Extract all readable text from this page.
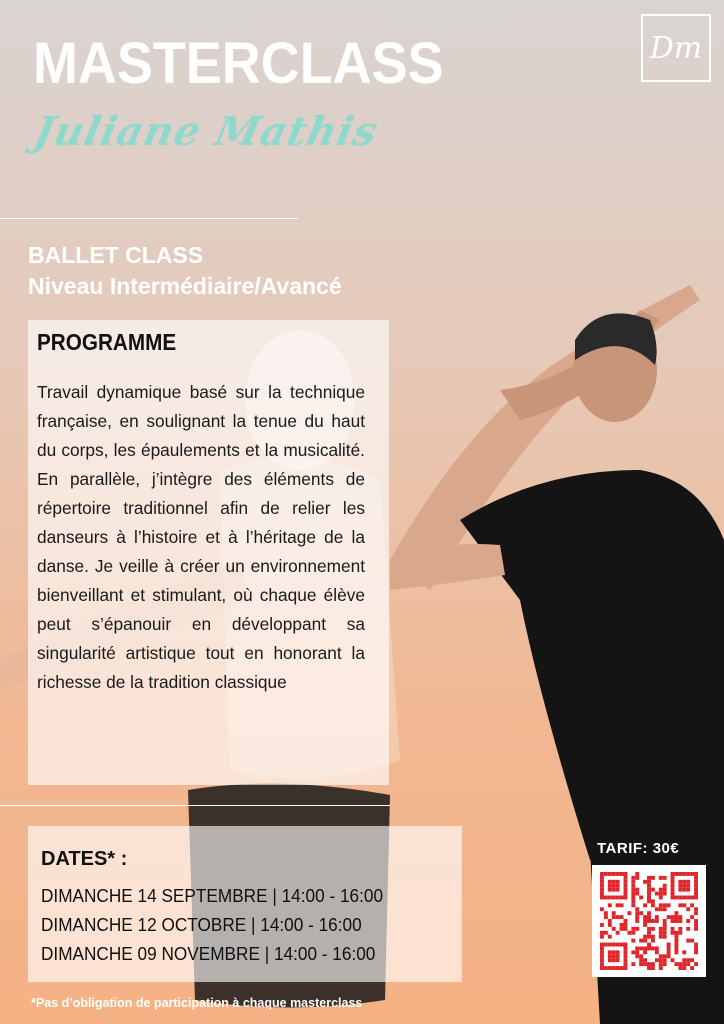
Dm
MASTERCLASS
Juliane Mathis
BALLET CLASS
Niveau Intermédiaire/Avancé
PROGRAMME

Travail dynamique basé sur la technique française, en soulignant la tenue du haut du corps, les épaulements et la musicalité. En parallèle, j’intègre des éléments de répertoire traditionnel afin de relier les danseurs à l’histoire et à l’héritage de la danse. Je veille à créer un environnement bienveillant et stimulant, où chaque élève peut s’épanouir en développant sa singularité artistique tout en honorant la richesse de la tradition classique

DATES* :
DIMANCHE 14 SEPTEMBRE | 14:00 - 16:00
DIMANCHE 12 OCTOBRE | 14:00 - 16:00
DIMANCHE 09 NOVEMBRE | 14:00 - 16:00
*Pas d’obligation de participation à chaque masterclass
TARIF: 30€
